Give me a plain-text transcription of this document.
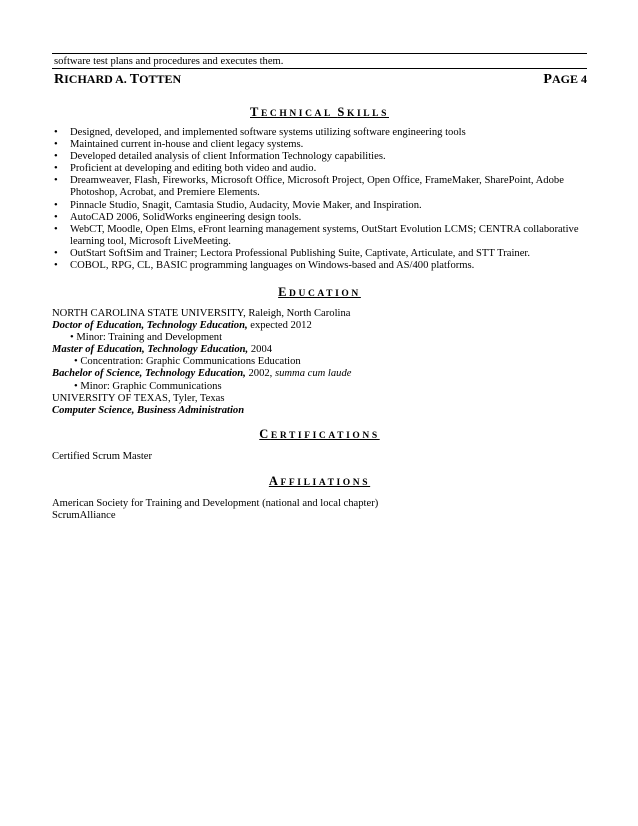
software test plans and procedures and executes them.
RICHARD A. TOTTEN	PAGE 4
TECHNICAL SKILLS
• Designed, developed, and implemented software systems utilizing software engineering tools
• Maintained current in-house and client legacy systems.
• Developed detailed analysis of client Information Technology capabilities.
• Proficient at developing and editing both video and audio.
• Dreamweaver, Flash, Fireworks, Microsoft Office, Microsoft Project, Open Office, FrameMaker, SharePoint, Adobe
Photoshop, Acrobat, and Premiere Elements.
• Pinnacle Studio, Snagit, Camtasia Studio, Audacity, Movie Maker, and Inspiration.
• AutoCAD 2006, SolidWorks engineering design tools.
• WebCT, Moodle, Open Elms, eFront learning management systems, OutStart Evolution LCMS; CENTRA collaborative
learning tool, Microsoft LiveMeeting.
• OutStart SoftSim and Trainer; Lectora Professional Publishing Suite, Captivate, Articulate, and STT Trainer.
• COBOL, RPG, CL, BASIC programming languages on Windows-based and AS/400 platforms.
EDUCATION
NORTH CAROLINA STATE UNIVERSITY, Raleigh, North Carolina
Doctor of Education, Technology Education, expected 2012
• Minor: Training and Development
Master of Education, Technology Education, 2004
• Concentration: Graphic Communications Education
Bachelor of Science, Technology Education, 2002, summa cum laude
• Minor: Graphic Communications
UNIVERSITY OF TEXAS, Tyler, Texas
Computer Science, Business Administration
CERTIFICATIONS
Certified Scrum Master
AFFILIATIONS
American Society for Training and Development (national and local chapter)
ScrumAlliance
